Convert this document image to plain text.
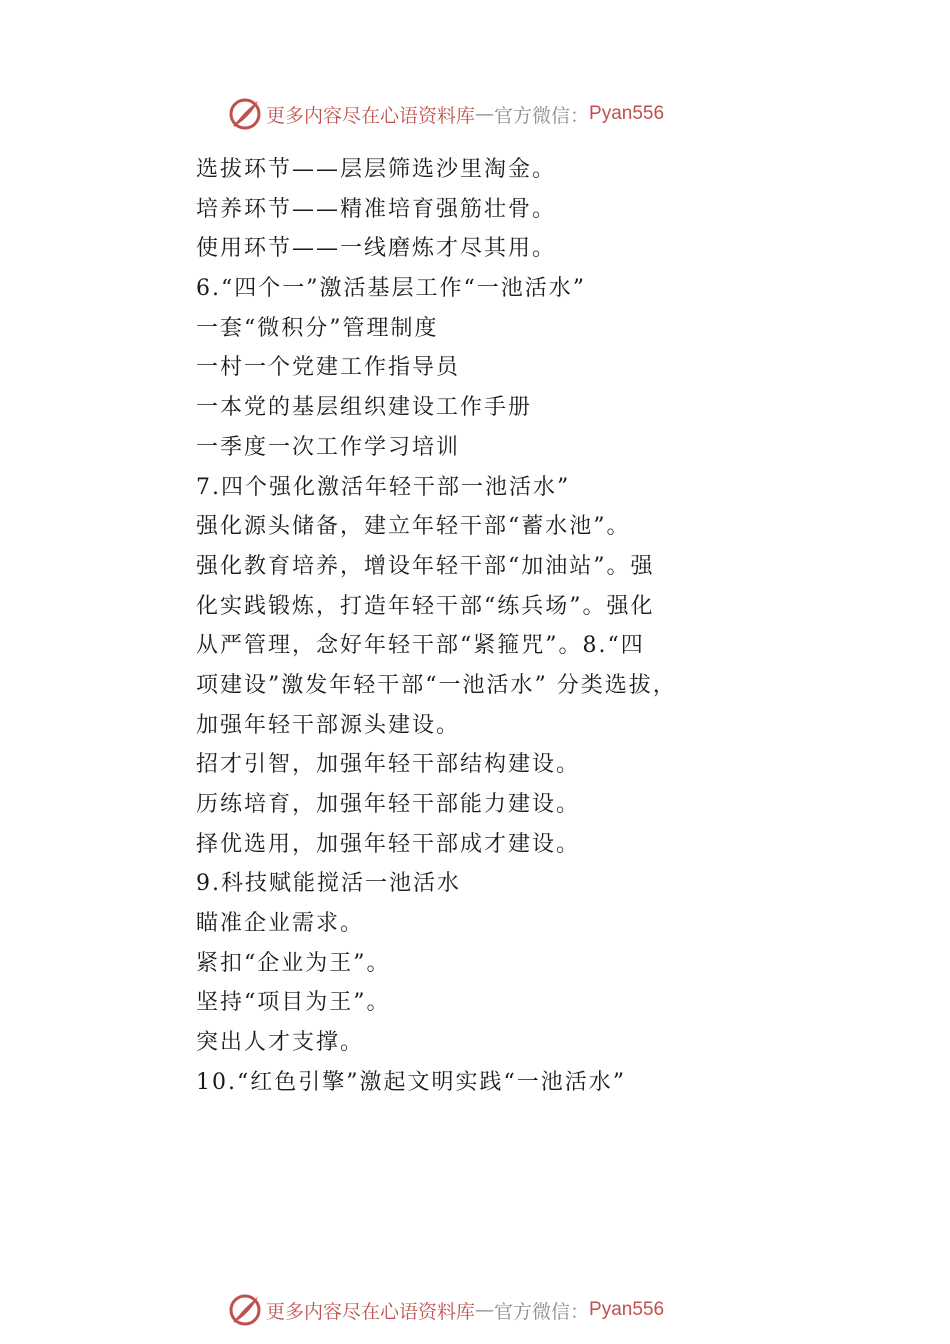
更多内容尽在心语资料库 — 官方微信： Pyan556
选拔环节——层层筛选沙里淘金。
培养环节——精准培育强筋壮骨。
使用环节——一线磨炼才尽其用。
6.“四个一”激活基层工作“一池活水”
一套“微积分”管理制度
一村一个党建工作指导员
一本党的基层组织建设工作手册
一季度一次工作学习培训
7.四个强化激活年轻干部一池活水”
强化源头储备，建立年轻干部“蓄水池”。
强化教育培养，增设年轻干部“加油站”。强
化实践锻炼，打造年轻干部“练兵场”。强化
从严管理，念好年轻干部“紧箍咒”。8.“四
项建设”激发年轻干部“一池活水” 分类选拔，
加强年轻干部源头建设。
招才引智，加强年轻干部结构建设。
历练培育，加强年轻干部能力建设。
择优选用，加强年轻干部成才建设。
9.科技赋能搅活一池活水
瞄准企业需求。
紧扣“企业为王”。
坚持“项目为王”。
突出人才支撑。
10.“红色引擎”激起文明实践“一池活水”
更多内容尽在心语资料库 — 官方微信： Pyan556
